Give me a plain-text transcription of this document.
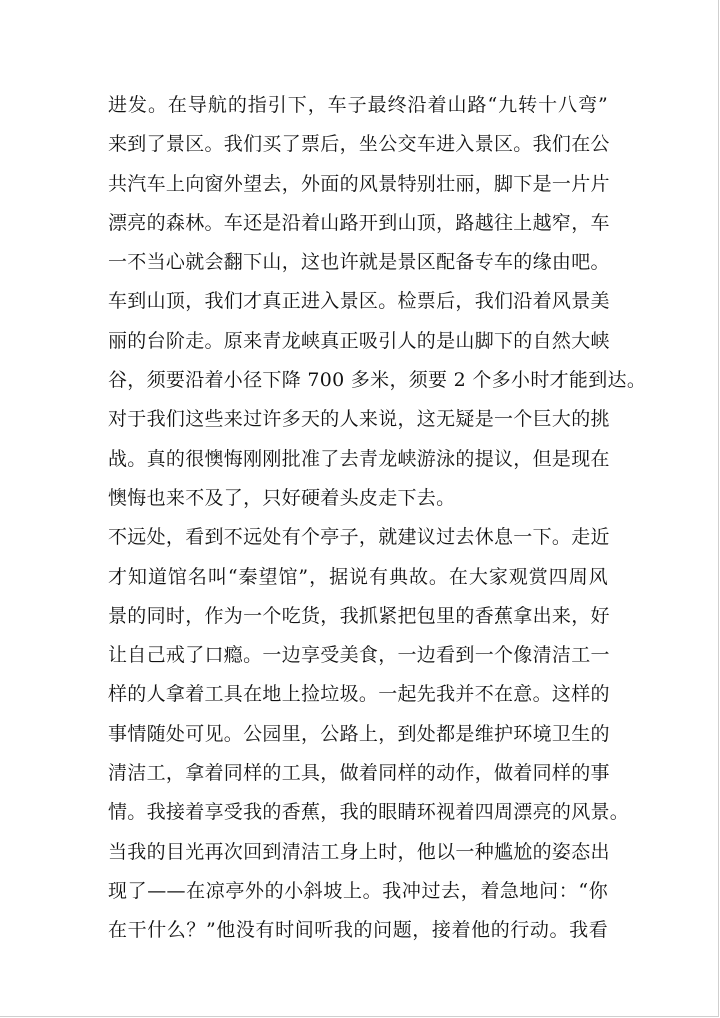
进发。在导航的指引下，车子最终沿着山路“九转十八弯”
来到了景区。我们买了票后，坐公交车进入景区。我们在公
共汽车上向窗外望去，外面的风景特别壮丽，脚下是一片片
漂亮的森林。车还是沿着山路开到山顶，路越往上越窄，车
一不当心就会翻下山，这也许就是景区配备专车的缘由吧。
车到山顶，我们才真正进入景区。检票后，我们沿着风景美
丽的台阶走。原来青龙峡真正吸引人的是山脚下的自然大峡
谷，须要沿着小径下降 700 多米，须要 2 个多小时才能到达。
对于我们这些来过许多天的人来说，这无疑是一个巨大的挑
战。真的很懊悔刚刚批准了去青龙峡游泳的提议，但是现在
懊悔也来不及了，只好硬着头皮走下去。
不远处，看到不远处有个亭子，就建议过去休息一下。走近
才知道馆名叫“秦望馆”，据说有典故。在大家观赏四周风
景的同时，作为一个吃货，我抓紧把包里的香蕉拿出来，好
让自己戒了口瘾。一边享受美食，一边看到一个像清洁工一
样的人拿着工具在地上捡垃圾。一起先我并不在意。这样的
事情随处可见。公园里，公路上，到处都是维护环境卫生的
清洁工，拿着同样的工具，做着同样的动作，做着同样的事
情。我接着享受我的香蕉，我的眼睛环视着四周漂亮的风景。
当我的目光再次回到清洁工身上时，他以一种尴尬的姿态出
现了——在凉亭外的小斜坡上。我冲过去，着急地问：“你
在干什么？”他没有时间听我的问题，接着他的行动。我看
